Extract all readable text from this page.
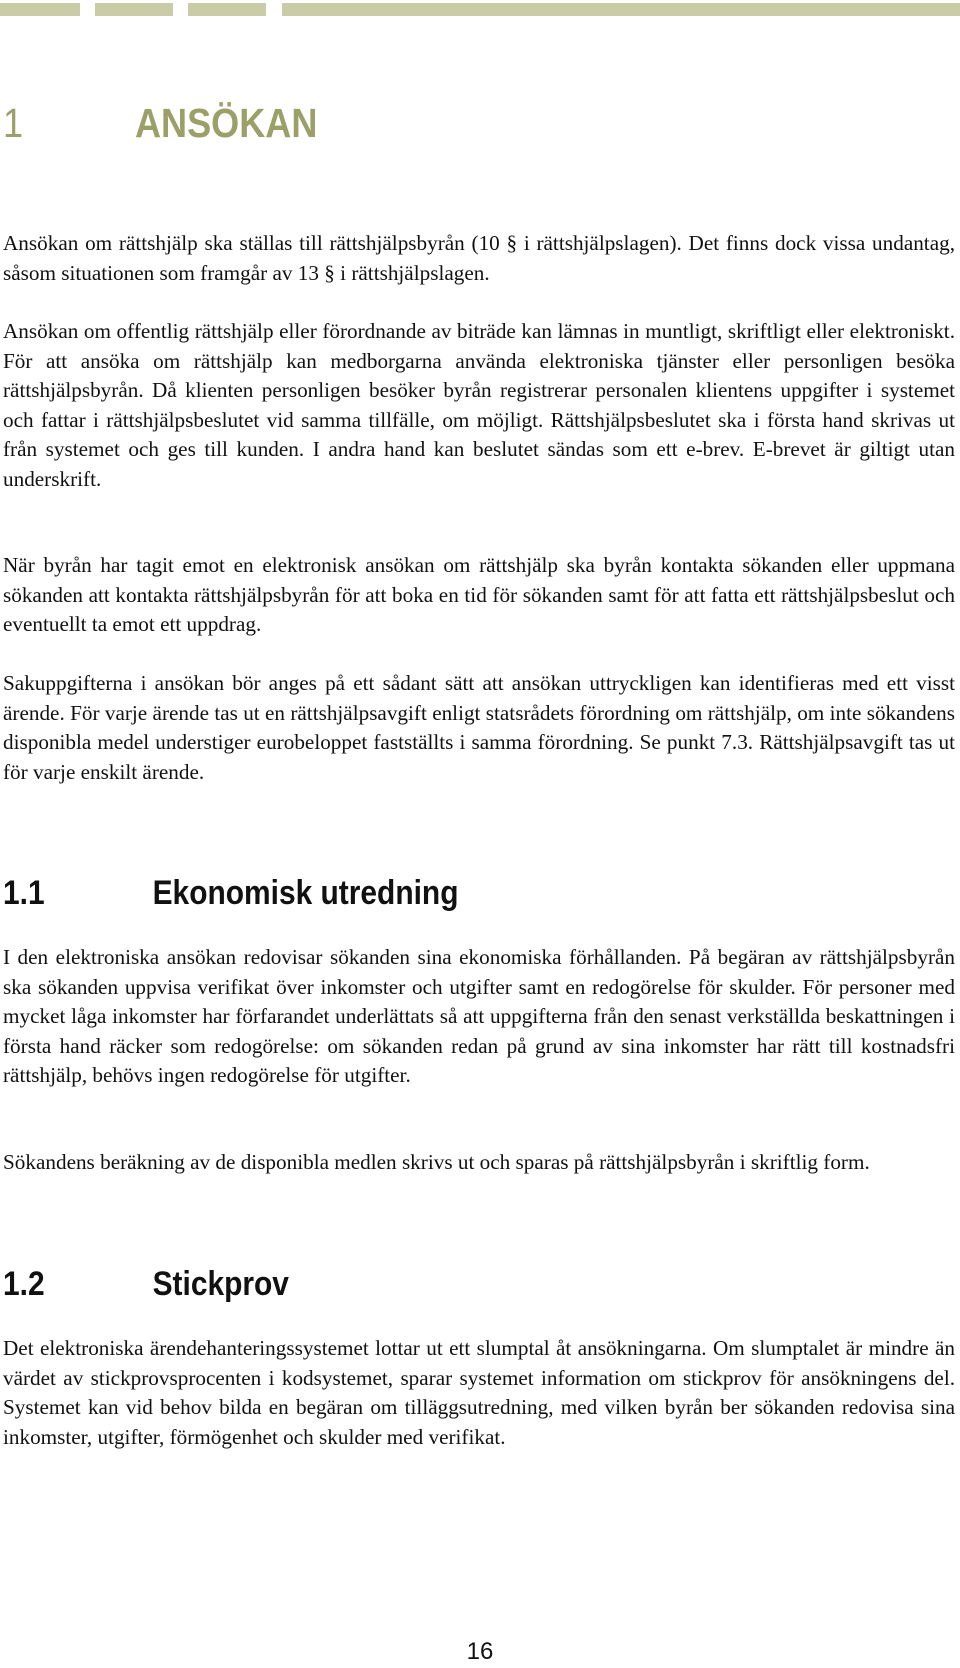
1	ANSÖKAN

Ansökan om rättshjälp ska ställas till rättshjälpsbyrån (10 § i rättshjälpslagen). Det finns dock vissa undantag, såsom situationen som framgår av 13 § i rättshjälpslagen.

Ansökan om offentlig rättshjälp eller förordnande av biträde kan lämnas in muntligt, skriftligt eller elektroniskt. För att ansöka om rättshjälp kan medborgarna använda elektroniska tjänster eller personligen besöka rättshjälpsbyrån. Då klienten personligen besöker byrån registrerar personalen klientens uppgifter i systemet och fattar i rättshjälpsbeslutet vid samma tillfälle, om möjligt. Rättshjälpsbeslutet ska i första hand skrivas ut från systemet och ges till kunden. I andra hand kan beslutet sändas som ett e-brev. E-brevet är giltigt utan underskrift.

När byrån har tagit emot en elektronisk ansökan om rättshjälp ska byrån kontakta sökanden eller uppmana sökanden att kontakta rättshjälpsbyrån för att boka en tid för sökanden samt för att fatta ett rättshjälpsbeslut och eventuellt ta emot ett uppdrag.

Sakuppgifterna i ansökan bör anges på ett sådant sätt att ansökan uttryckligen kan identifieras med ett visst ärende. För varje ärende tas ut en rättshjälpsavgift enligt statsrådets förordning om rättshjälp, om inte sökandens disponibla medel understiger eurobeloppet fastställts i samma förordning. Se punkt 7.3. Rättshjälpsavgift tas ut för varje enskilt ärende.

1.1	Ekonomisk utredning

I den elektroniska ansökan redovisar sökanden sina ekonomiska förhållanden. På begäran av rättshjälpsbyrån ska sökanden uppvisa verifikat över inkomster och utgifter samt en redogörelse för skulder. För personer med mycket låga inkomster har förfarandet underlättats så att uppgifterna från den senast verkställda beskattningen i första hand räcker som redogörelse: om sökanden redan på grund av sina inkomster har rätt till kostnadsfri rättshjälp, behövs ingen redogörelse för utgifter.

Sökandens beräkning av de disponibla medlen skrivs ut och sparas på rättshjälpsbyrån i skriftlig form.

1.2	Stickprov

Det elektroniska ärendehanteringssystemet lottar ut ett slumptal åt ansökningarna. Om slumptalet är mindre än värdet av stickprovsprocenten i kodsystemet, sparar systemet information om stickprov för ansökningens del. Systemet kan vid behov bilda en begäran om tilläggsutredning, med vilken byrån ber sökanden redovisa sina inkomster, utgifter, förmögenhet och skulder med verifikat.

16
